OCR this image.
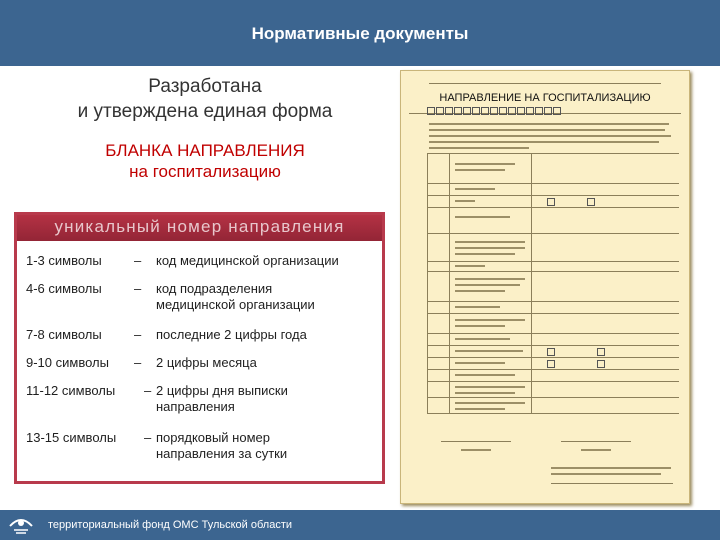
Нормативные документы
Разработана
и утверждена единая форма
БЛАНКА НАПРАВЛЕНИЯ
на госпитализацию
уникальный номер направления
1-3 символы – код медицинской организации
4-6 символы – код подразделения медицинской организации
7-8 символы – последние 2 цифры года
9-10 символы – 2 цифры месяца
11-12 символы – 2 цифры дня выписки направления
13-15 символы – порядковый номер направления за сутки
НАПРАВЛЕНИЕ НА ГОСПИТАЛИЗАЦИЮ
территориальный фонд ОМС Тульской области
